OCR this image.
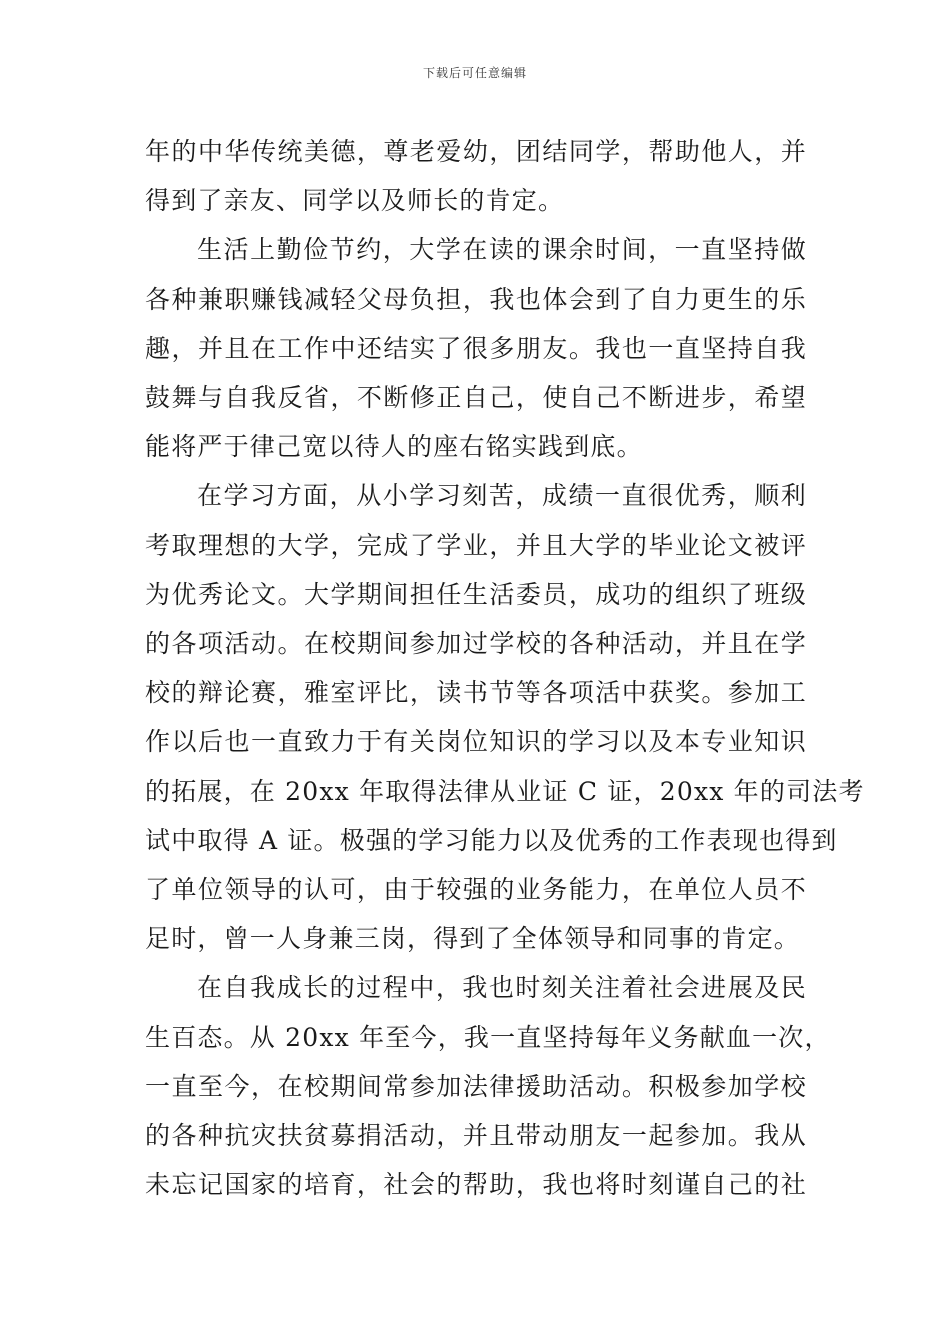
下载后可任意编辑
年的中华传统美德，尊老爱幼，团结同学，帮助他人，并
得到了亲友、同学以及师长的肯定。
生活上勤俭节约，大学在读的课余时间，一直坚持做
各种兼职赚钱减轻父母负担，我也体会到了自力更生的乐
趣，并且在工作中还结实了很多朋友。我也一直坚持自我
鼓舞与自我反省，不断修正自己，使自己不断进步，希望
能将严于律己宽以待人的座右铭实践到底。
在学习方面，从小学习刻苦，成绩一直很优秀，顺利
考取理想的大学，完成了学业，并且大学的毕业论文被评
为优秀论文。大学期间担任生活委员，成功的组织了班级
的各项活动。在校期间参加过学校的各种活动，并且在学
校的辩论赛，雅室评比，读书节等各项活中获奖。参加工
作以后也一直致力于有关岗位知识的学习以及本专业知识
的拓展，在 20xx 年取得法律从业证 C 证，20xx 年的司法考
试中取得 A 证。极强的学习能力以及优秀的工作表现也得到
了单位领导的认可，由于较强的业务能力，在单位人员不
足时，曾一人身兼三岗，得到了全体领导和同事的肯定。
在自我成长的过程中，我也时刻关注着社会进展及民
生百态。从 20xx 年至今，我一直坚持每年义务献血一次，
一直至今，在校期间常参加法律援助活动。积极参加学校
的各种抗灾扶贫募捐活动，并且带动朋友一起参加。我从
未忘记国家的培育，社会的帮助，我也将时刻谨自己的社
